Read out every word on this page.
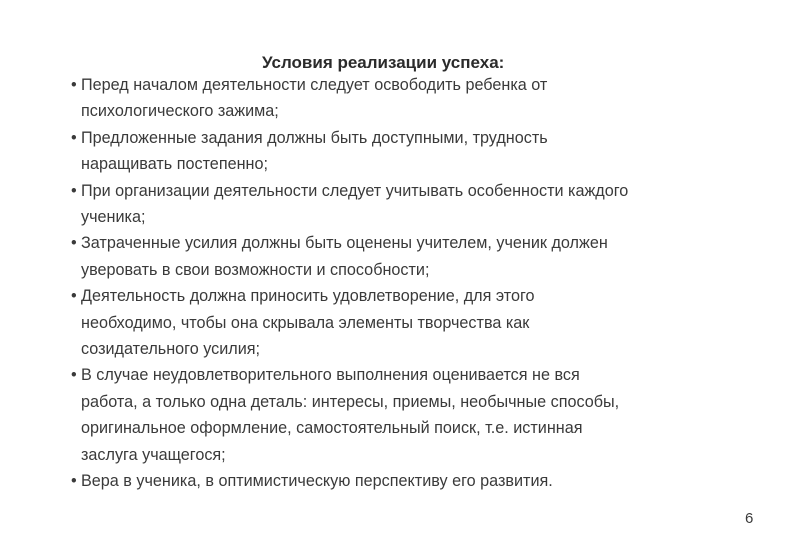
Условия реализации успеха:
• Перед началом деятельности следует освободить ребенка от
психологического зажима;
• Предложенные задания должны быть доступными, трудность
наращивать постепенно;
• При организации деятельности следует учитывать особенности каждого
ученика;
• Затраченные усилия должны быть оценены учителем, ученик должен
уверовать в свои возможности и способности;
• Деятельность должна приносить удовлетворение, для этого
необходимо, чтобы она скрывала элементы творчества как
созидательного усилия;
• В случае неудовлетворительного выполнения оценивается не вся
работа, а только одна деталь: интересы, приемы, необычные способы,
оригинальное оформление, самостоятельный поиск, т.е. истинная
заслуга учащегося;
• Вера в ученика, в оптимистическую перспективу его развития.
6
